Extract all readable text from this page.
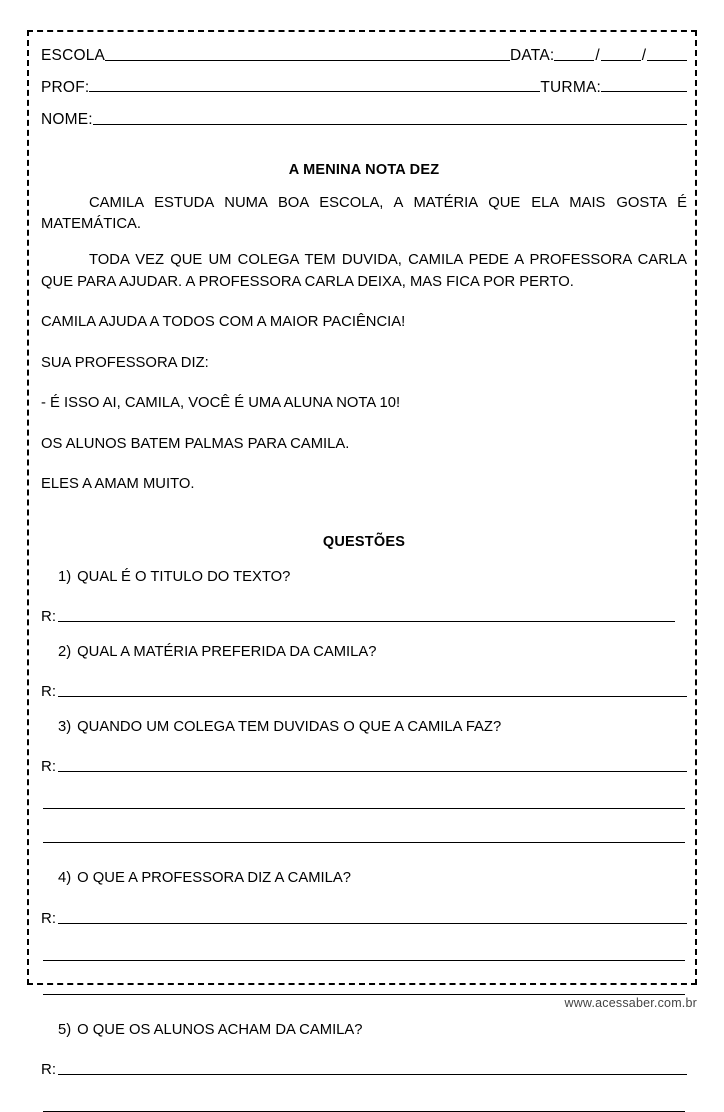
ESCOLA	DATA:	/	/
PROF:	TURMA:
NOME:
A MENINA NOTA DEZ

CAMILA ESTUDA NUMA BOA ESCOLA, A MATÉRIA QUE ELA MAIS GOSTA É MATEMÁTICA.

TODA VEZ QUE UM COLEGA TEM DUVIDA, CAMILA PEDE A PROFESSORA CARLA QUE PARA AJUDAR. A PROFESSORA CARLA DEIXA, MAS FICA POR PERTO.

CAMILA AJUDA A TODOS COM A MAIOR PACIÊNCIA!

SUA PROFESSORA DIZ:

- É ISSO AI, CAMILA, VOCÊ É UMA ALUNA NOTA 10!

OS ALUNOS BATEM PALMAS PARA CAMILA.

ELES A AMAM MUITO.

QUESTÕES
1) QUAL É O TITULO DO TEXTO?
R:
2) QUAL A MATÉRIA PREFERIDA DA CAMILA?
R:
3) QUANDO UM COLEGA TEM DUVIDAS O QUE A CAMILA FAZ?
R:
4) O QUE A PROFESSORA DIZ A CAMILA?
R:
5) O QUE OS ALUNOS ACHAM DA CAMILA?
R:
www.acessaber.com.br
